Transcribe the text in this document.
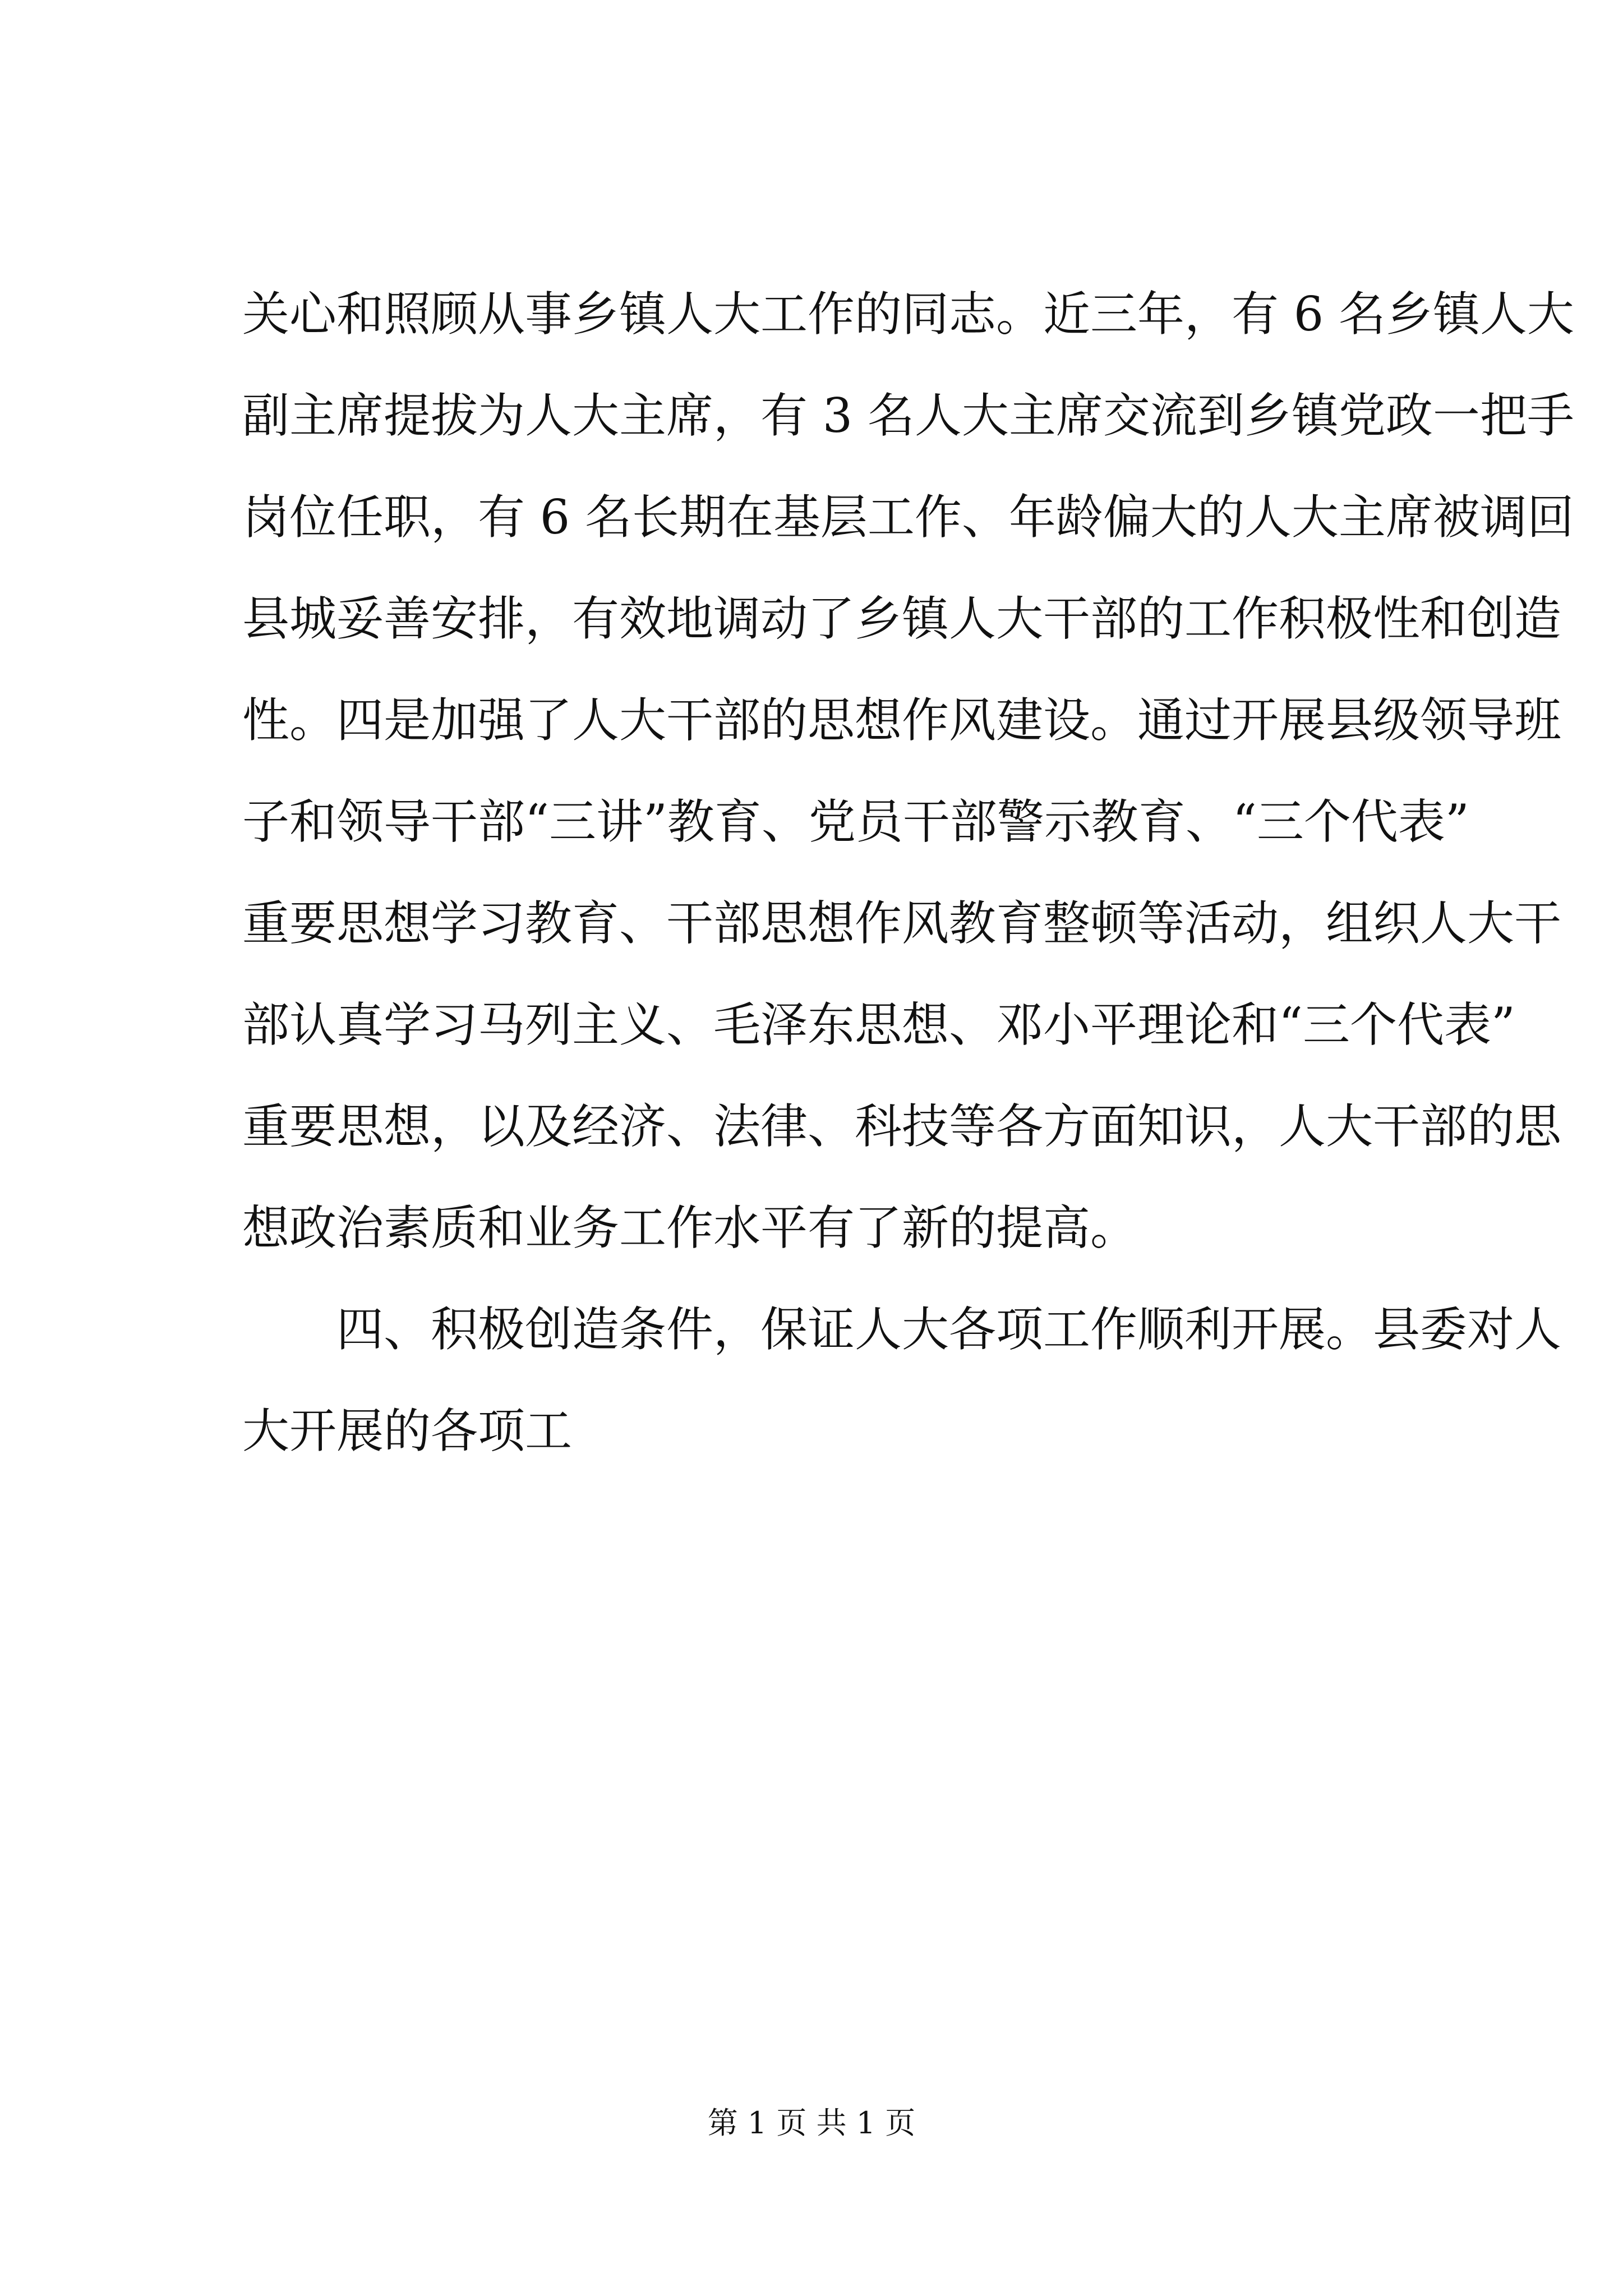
关心和照顾从事乡镇人大工作的同志。近三年，有 6 名乡镇人大
副主席提拔为人大主席，有 3 名人大主席交流到乡镇党政一把手
岗位任职，有 6 名长期在基层工作、年龄偏大的人大主席被调回
县城妥善安排，有效地调动了乡镇人大干部的工作积极性和创造
性。四是加强了人大干部的思想作风建设。通过开展县级领导班
子和领导干部“三讲”教育、党员干部警示教育、“三个代表”
重要思想学习教育、干部思想作风教育整顿等活动，组织人大干
部认真学习马列主义、毛泽东思想、邓小平理论和“三个代表”
重要思想，以及经济、法律、科技等各方面知识，人大干部的思
想政治素质和业务工作水平有了新的提高。
　　四、积极创造条件，保证人大各项工作顺利开展。县委对人
大开展的各项工
第 1 页 共 1 页
